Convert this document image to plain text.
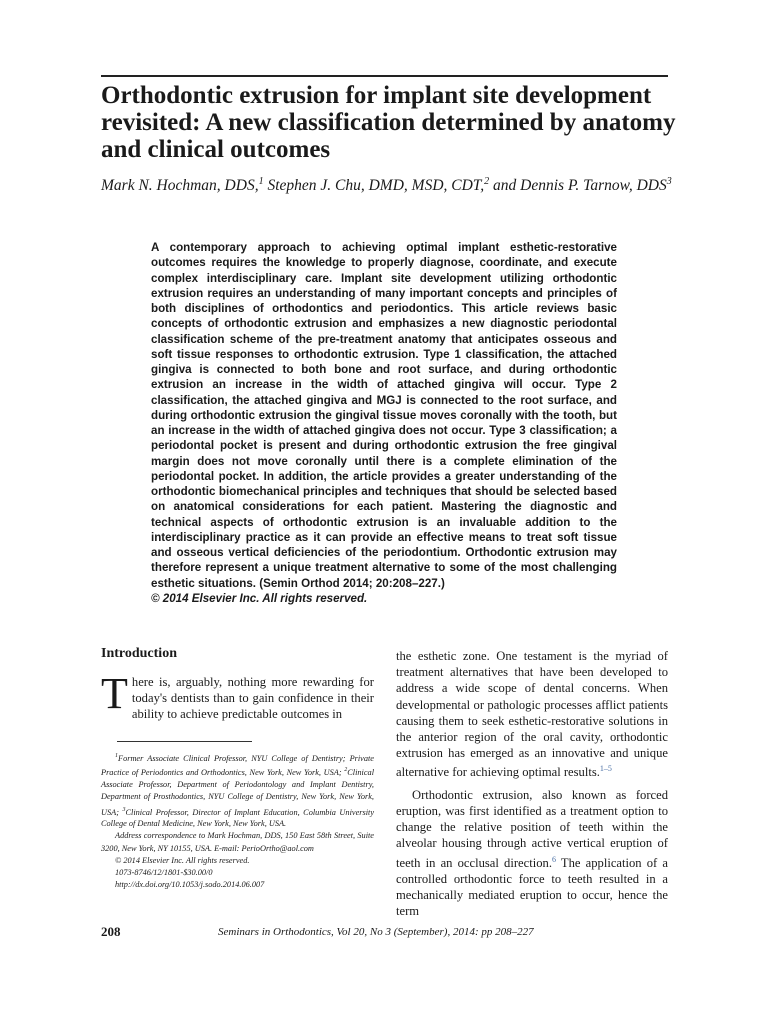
Orthodontic extrusion for implant site development revisited: A new classification determined by anatomy and clinical outcomes

Mark N. Hochman, DDS,$^1$ Stephen J. Chu, DMD, MSD, CDT,$^2$ and Dennis P. Tarnow, DDS$^3$

A contemporary approach to achieving optimal implant esthetic-restorative outcomes requires the knowledge to properly diagnose, coordinate, and execute complex interdisciplinary care. Implant site development utilizing orthodontic extrusion requires an understanding of many important concepts and principles of both disciplines of orthodontics and periodontics. This article reviews basic concepts of orthodontic extrusion and emphasizes a new diagnostic periodontal classification scheme of the pre-treatment anatomy that anticipates osseous and soft tissue responses to orthodontic extrusion. Type 1 classification, the attached gingiva is connected to both bone and root surface, and during orthodontic extrusion an increase in the width of attached gingiva will occur. Type 2 classification, the attached gingiva and MGJ is connected to the root surface, and during orthodontic extrusion the gingival tissue moves coronally with the tooth, but an increase in the width of attached gingiva does not occur. Type 3 classification; a periodontal pocket is present and during orthodontic extrusion the free gingival margin does not move coronally until there is a complete elimination of the periodontal pocket. In addition, the article provides a greater understanding of the orthodontic biomechanical principles and techniques that should be selected based on anatomical considerations for each patient. Mastering the diagnostic and technical aspects of orthodontic extrusion is an invaluable addition to the interdisciplinary practice as it can provide an effective means to treat soft tissue and osseous vertical deficiencies of the periodontium. Orthodontic extrusion may therefore represent a unique treatment alternative to some of the most challenging esthetic situations. (Semin Orthod 2014; 20:208–227.)
© 2014 Elsevier Inc. All rights reserved.
Introduction

There is, arguably, nothing more rewarding for today's dentists than to gain confidence in their ability to achieve predictable outcomes in

$^1$Former Associate Clinical Professor, NYU College of Dentistry; Private Practice of Periodontics and Orthodontics, New York, New York, USA; $^2$Clinical Associate Professor, Department of Periodontology and Implant Dentistry, Department of Prosthodontics, NYU College of Dentistry, New York, New York, USA; $^3$Clinical Professor, Director of Implant Education, Columbia University College of Dental Medicine, New York, New York, USA.

Address correspondence to Mark Hochman, DDS, 150 East 58th Street, Suite 3200, New York, NY 10155, USA. E-mail: PerioOrtho@aol.com

© 2014 Elsevier Inc. All rights reserved.

1073-8746/12/1801-$30.00/0

http://dx.doi.org/10.1053/j.sodo.2014.06.007

the esthetic zone. One testament is the myriad of treatment alternatives that have been developed to address a wide scope of dental concerns. When developmental or pathologic processes afflict patients causing them to seek esthetic-restorative solutions in the anterior region of the oral cavity, orthodontic extrusion has emerged as an innovative and unique alternative for achieving optimal results.$^{1-5}$

Orthodontic extrusion, also known as forced eruption, was first identified as a treatment option to change the relative position of teeth within the alveolar housing through active vertical eruption of teeth in an occlusal direction.$^6$ The application of a controlled orthodontic force to teeth resulted in a mechanically mediated eruption to occur, hence the term

208	Seminars in Orthodontics, Vol 20, No 3 (September), 2014: pp 208–227
